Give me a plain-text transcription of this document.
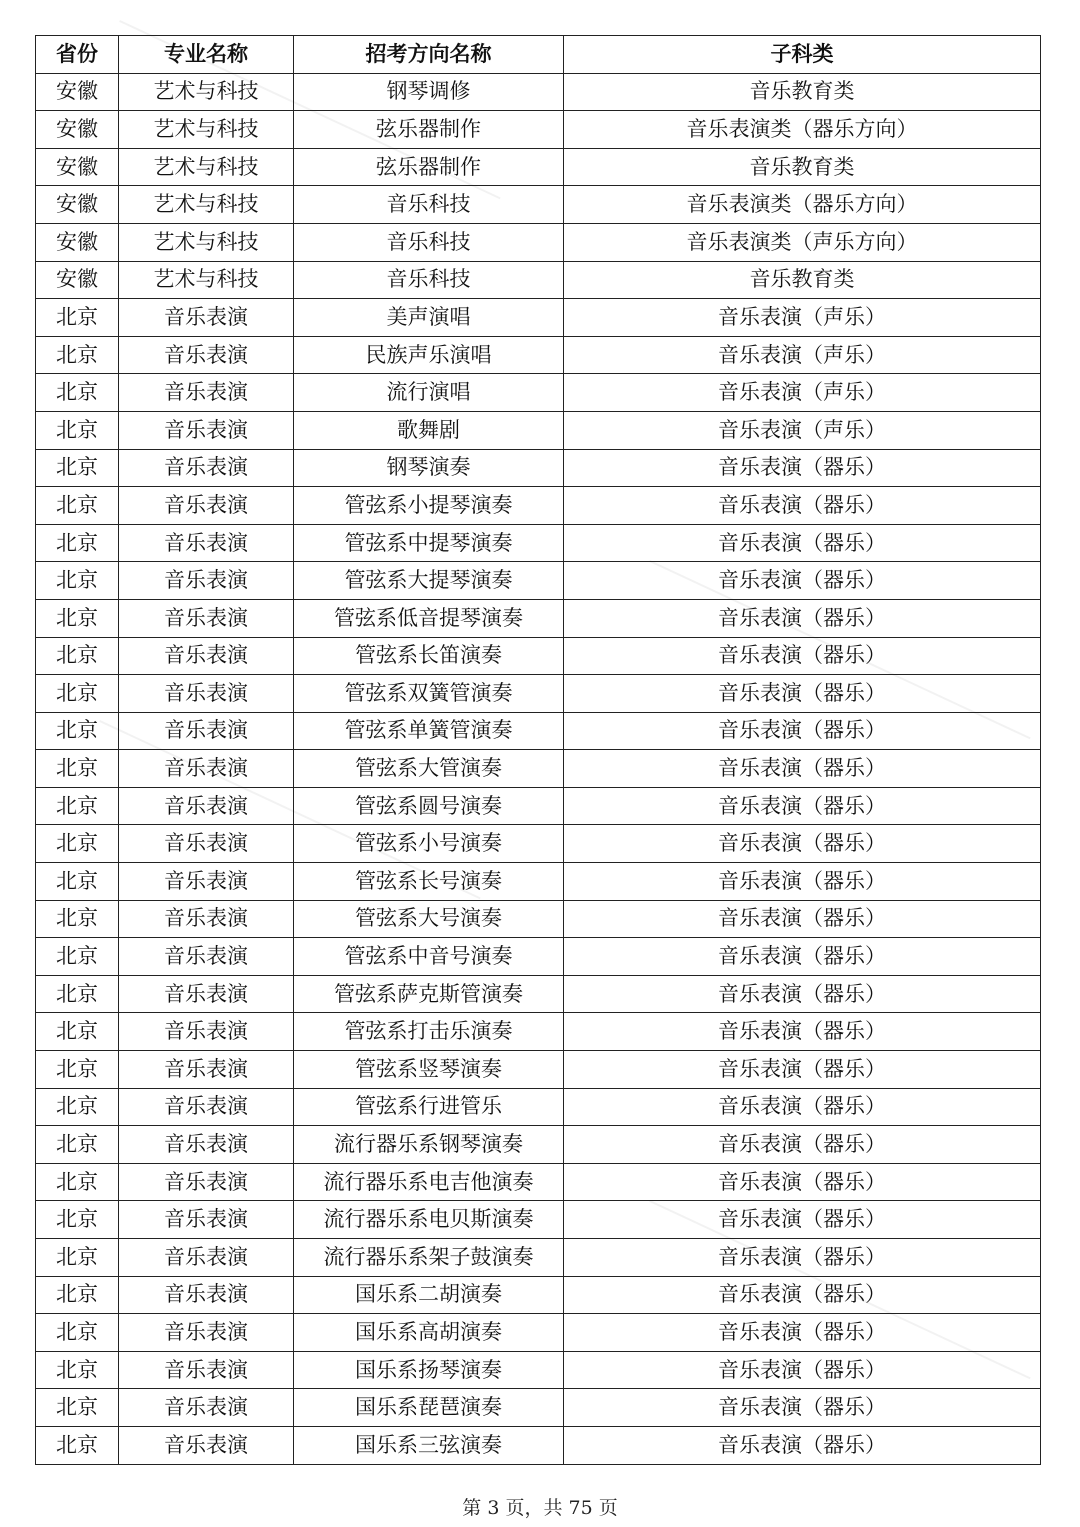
省份	专业名称	招考方向名称	子科类
安徽	艺术与科技	钢琴调修	音乐教育类
安徽	艺术与科技	弦乐器制作	音乐表演类（器乐方向）
安徽	艺术与科技	弦乐器制作	音乐教育类
安徽	艺术与科技	音乐科技	音乐表演类（器乐方向）
安徽	艺术与科技	音乐科技	音乐表演类（声乐方向）
安徽	艺术与科技	音乐科技	音乐教育类
北京	音乐表演	美声演唱	音乐表演（声乐）
北京	音乐表演	民族声乐演唱	音乐表演（声乐）
北京	音乐表演	流行演唱	音乐表演（声乐）
北京	音乐表演	歌舞剧	音乐表演（声乐）
北京	音乐表演	钢琴演奏	音乐表演（器乐）
北京	音乐表演	管弦系小提琴演奏	音乐表演（器乐）
北京	音乐表演	管弦系中提琴演奏	音乐表演（器乐）
北京	音乐表演	管弦系大提琴演奏	音乐表演（器乐）
北京	音乐表演	管弦系低音提琴演奏	音乐表演（器乐）
北京	音乐表演	管弦系长笛演奏	音乐表演（器乐）
北京	音乐表演	管弦系双簧管演奏	音乐表演（器乐）
北京	音乐表演	管弦系单簧管演奏	音乐表演（器乐）
北京	音乐表演	管弦系大管演奏	音乐表演（器乐）
北京	音乐表演	管弦系圆号演奏	音乐表演（器乐）
北京	音乐表演	管弦系小号演奏	音乐表演（器乐）
北京	音乐表演	管弦系长号演奏	音乐表演（器乐）
北京	音乐表演	管弦系大号演奏	音乐表演（器乐）
北京	音乐表演	管弦系中音号演奏	音乐表演（器乐）
北京	音乐表演	管弦系萨克斯管演奏	音乐表演（器乐）
北京	音乐表演	管弦系打击乐演奏	音乐表演（器乐）
北京	音乐表演	管弦系竖琴演奏	音乐表演（器乐）
北京	音乐表演	管弦系行进管乐	音乐表演（器乐）
北京	音乐表演	流行器乐系钢琴演奏	音乐表演（器乐）
北京	音乐表演	流行器乐系电吉他演奏	音乐表演（器乐）
北京	音乐表演	流行器乐系电贝斯演奏	音乐表演（器乐）
北京	音乐表演	流行器乐系架子鼓演奏	音乐表演（器乐）
北京	音乐表演	国乐系二胡演奏	音乐表演（器乐）
北京	音乐表演	国乐系高胡演奏	音乐表演（器乐）
北京	音乐表演	国乐系扬琴演奏	音乐表演（器乐）
北京	音乐表演	国乐系琵琶演奏	音乐表演（器乐）
北京	音乐表演	国乐系三弦演奏	音乐表演（器乐）
第 3 页，共 75 页
